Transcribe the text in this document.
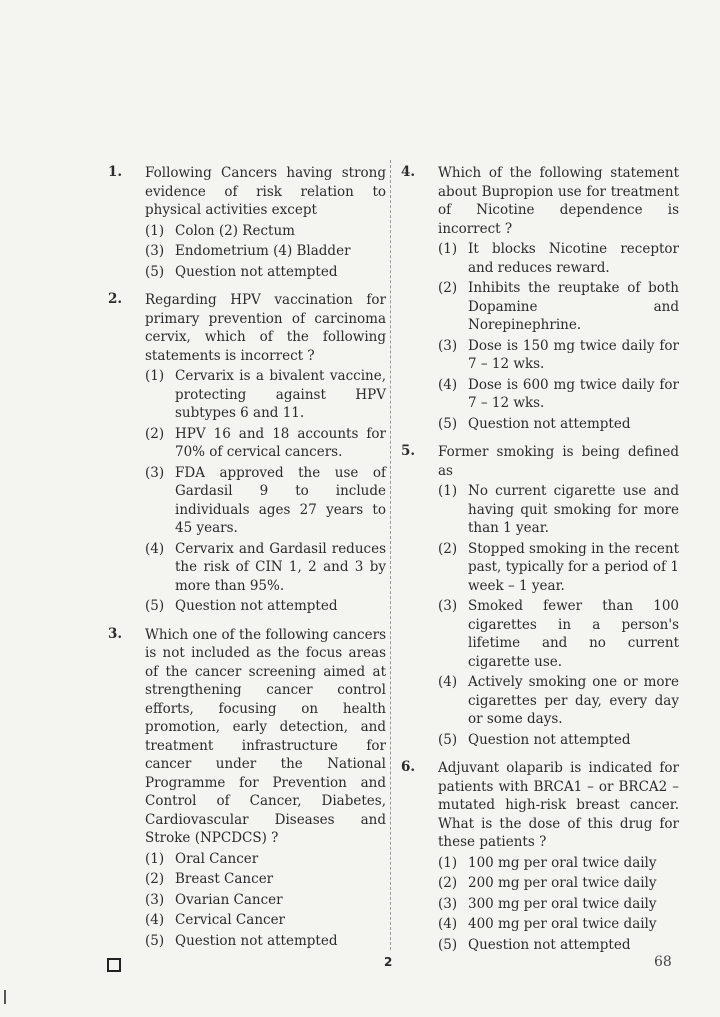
1. Following Cancers having strong evidence of risk relation to physical activities except
(1) Colon (2) Rectum
(3) Endometrium (4) Bladder
(5) Question not attempted
2. Regarding HPV vaccination for primary prevention of carcinoma cervix, which of the following statements is incorrect ?
(1) Cervarix is a bivalent vaccine, protecting against HPV subtypes 6 and 11.
(2) HPV 16 and 18 accounts for 70% of cervical cancers.
(3) FDA approved the use of Gardasil 9 to include individuals ages 27 years to 45 years.
(4) Cervarix and Gardasil reduces the risk of CIN 1, 2 and 3 by more than 95%.
(5) Question not attempted
3. Which one of the following cancers is not included as the focus areas of the cancer screening aimed at strengthening cancer control efforts, focusing on health promotion, early detection, and treatment infrastructure for cancer under the National Programme for Prevention and Control of Cancer, Diabetes, Cardiovascular Diseases and Stroke (NPCDCS) ?
(1) Oral Cancer
(2) Breast Cancer
(3) Ovarian Cancer
(4) Cervical Cancer
(5) Question not attempted
4. Which of the following statement about Bupropion use for treatment of Nicotine dependence is incorrect ?
(1) It blocks Nicotine receptor and reduces reward.
(2) Inhibits the reuptake of both Dopamine and Norepinephrine.
(3) Dose is 150 mg twice daily for 7 – 12 wks.
(4) Dose is 600 mg twice daily for 7 – 12 wks.
(5) Question not attempted
5. Former smoking is being defined as
(1) No current cigarette use and having quit smoking for more than 1 year.
(2) Stopped smoking in the recent past, typically for a period of 1 week – 1 year.
(3) Smoked fewer than 100 cigarettes in a person's lifetime and no current cigarette use.
(4) Actively smoking one or more cigarettes per day, every day or some days.
(5) Question not attempted
6. Adjuvant olaparib is indicated for patients with BRCA1 – or BRCA2 – mutated high-risk breast cancer. What is the dose of this drug for these patients ?
(1) 100 mg per oral twice daily
(2) 200 mg per oral twice daily
(3) 300 mg per oral twice daily
(4) 400 mg per oral twice daily
(5) Question not attempted
2	68
